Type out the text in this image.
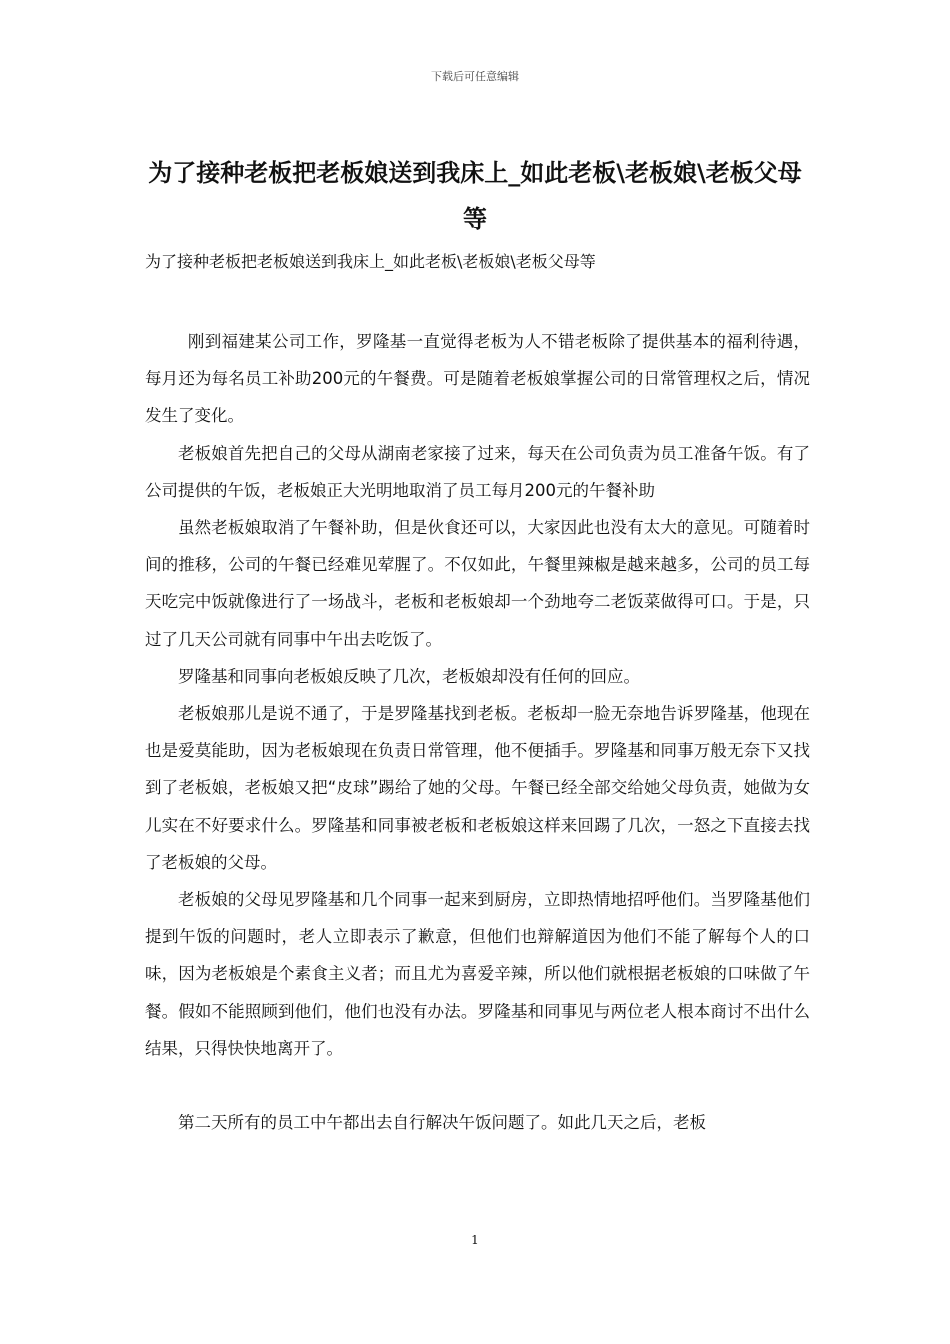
下载后可任意编辑
为了接种老板把老板娘送到我床上_如此老板\老板娘\老板父母等

为了接种老板把老板娘送到我床上_如此老板\老板娘\老板父母等

刚到福建某公司工作，罗隆基一直觉得老板为人不错老板除了提供基本的福利待遇，每月还为每名员工补助200元的午餐费。可是随着老板娘掌握公司的日常管理权之后，情况发生了变化。

老板娘首先把自己的父母从湖南老家接了过来，每天在公司负责为员工准备午饭。有了公司提供的午饭，老板娘正大光明地取消了员工每月200元的午餐补助

虽然老板娘取消了午餐补助，但是伙食还可以，大家因此也没有太大的意见。可随着时间的推移，公司的午餐已经难见荤腥了。不仅如此，午餐里辣椒是越来越多，公司的员工每天吃完中饭就像进行了一场战斗，老板和老板娘却一个劲地夸二老饭菜做得可口。于是，只过了几天公司就有同事中午出去吃饭了。

罗隆基和同事向老板娘反映了几次，老板娘却没有任何的回应。

老板娘那儿是说不通了，于是罗隆基找到老板。老板却一脸无奈地告诉罗隆基，他现在也是爱莫能助，因为老板娘现在负责日常管理，他不便插手。罗隆基和同事万般无奈下又找到了老板娘，老板娘又把“皮球”踢给了她的父母。午餐已经全部交给她父母负责，她做为女儿实在不好要求什么。罗隆基和同事被老板和老板娘这样来回踢了几次，一怒之下直接去找了老板娘的父母。

老板娘的父母见罗隆基和几个同事一起来到厨房，立即热情地招呼他们。当罗隆基他们提到午饭的问题时，老人立即表示了歉意，但他们也辩解道因为他们不能了解每个人的口味，因为老板娘是个素食主义者；而且尤为喜爱辛辣，所以他们就根据老板娘的口味做了午餐。假如不能照顾到他们，他们也没有办法。罗隆基和同事见与两位老人根本商讨不出什么结果，只得快快地离开了。

第二天所有的员工中午都出去自行解决午饭问题了。如此几天之后，老板

1
